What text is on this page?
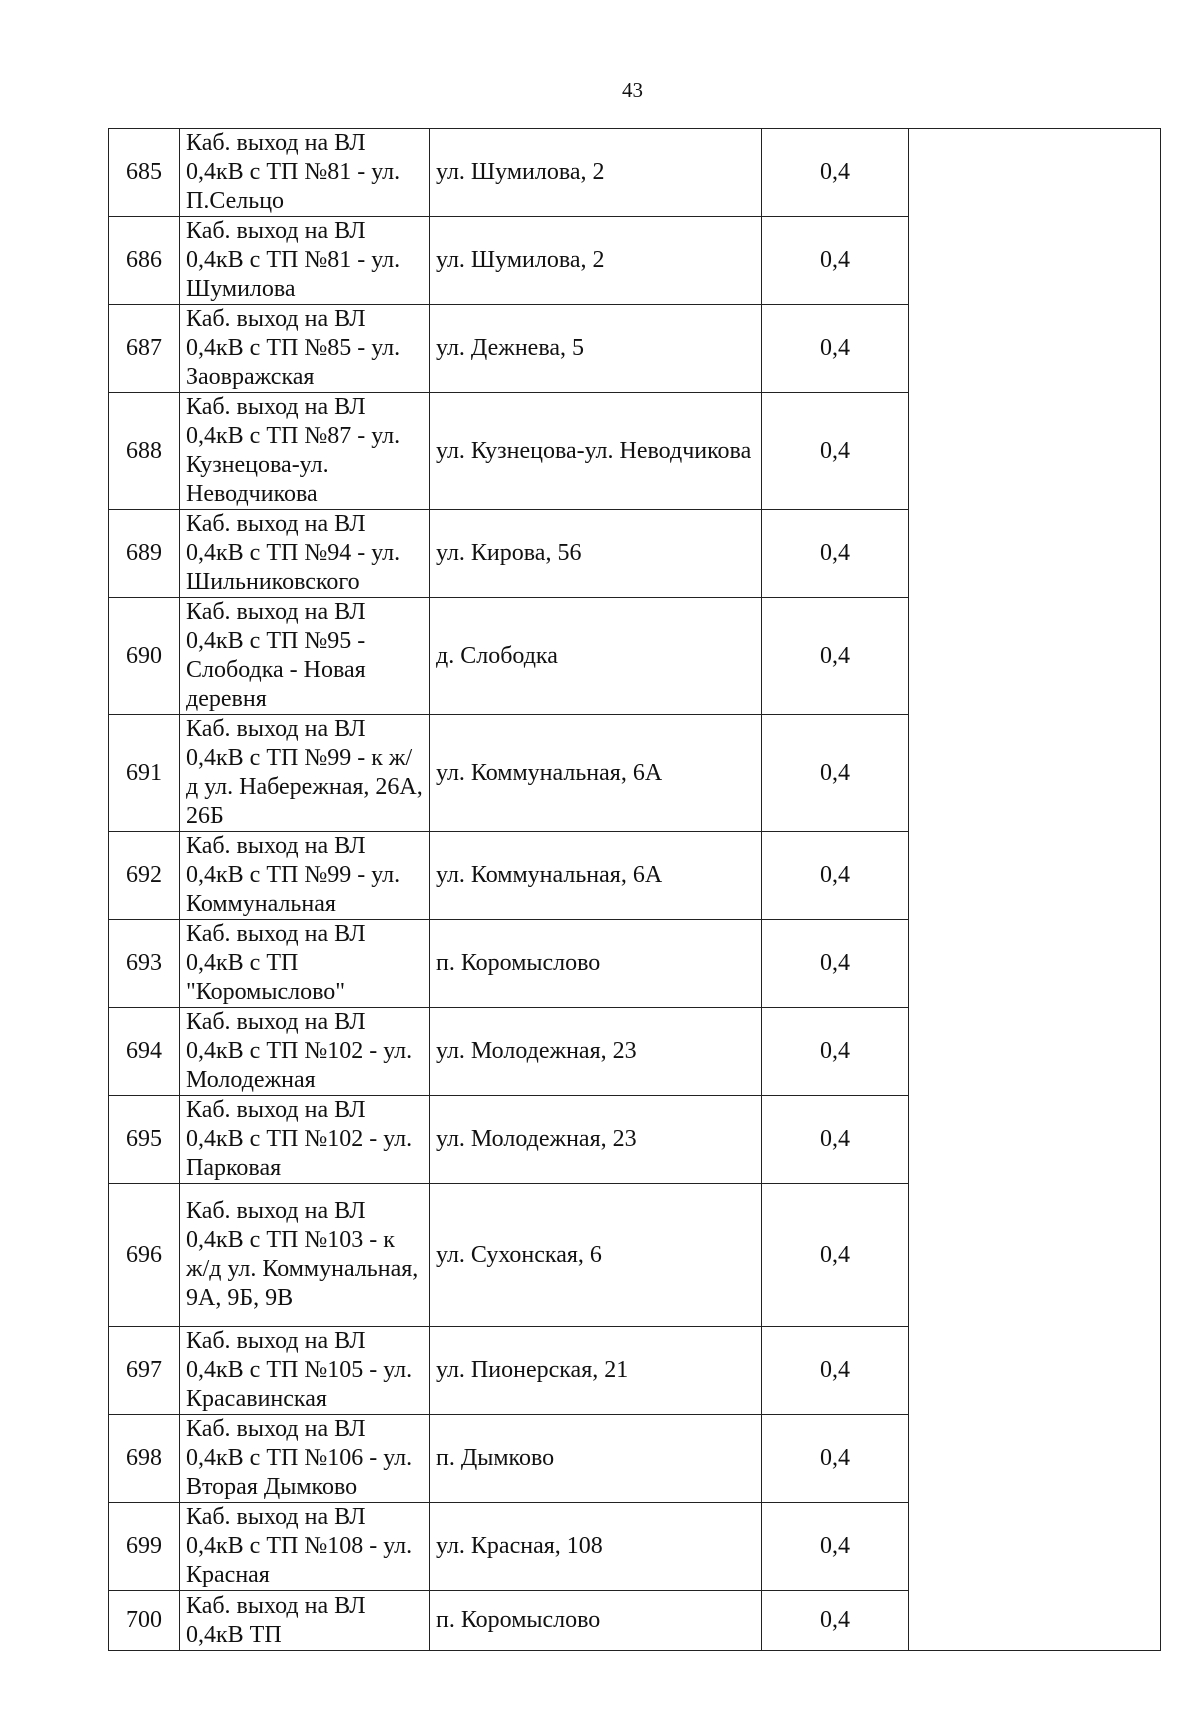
43
685	Каб. выход на ВЛ 0,4кВ с ТП №81 - ул. П.Сельцо	ул. Шумилова, 2	0,4	
686	Каб. выход на ВЛ 0,4кВ с ТП №81 - ул. Шумилова	ул. Шумилова, 2	0,4	
687	Каб. выход на ВЛ 0,4кВ с ТП №85 - ул. Заовражская	ул. Дежнева, 5	0,4	
688	Каб. выход на ВЛ 0,4кВ с ТП №87 - ул. Кузнецова-ул. Неводчикова	ул. Кузнецова-ул. Неводчикова	0,4	
689	Каб. выход на ВЛ 0,4кВ с ТП №94 - ул. Шильниковского	ул. Кирова, 56	0,4	
690	Каб. выход на ВЛ 0,4кВ с ТП №95 - Слободка - Новая деревня	д. Слободка	0,4	
691	Каб. выход на ВЛ 0,4кВ с ТП №99 - к ж/д ул. Набережная, 26А, 26Б	ул. Коммунальная, 6А	0,4	
692	Каб. выход на ВЛ 0,4кВ с ТП №99 - ул. Коммунальная	ул. Коммунальная, 6А	0,4	
693	Каб. выход на ВЛ 0,4кВ с ТП "Коромыслово"	п. Коромыслово	0,4	
694	Каб. выход на ВЛ 0,4кВ с ТП №102 - ул. Молодежная	ул. Молодежная, 23	0,4	
695	Каб. выход на ВЛ 0,4кВ с ТП №102 - ул. Парковая	ул. Молодежная, 23	0,4	
696	Каб. выход на ВЛ 0,4кВ с ТП №103 - к ж/д ул. Коммунальная, 9А, 9Б, 9В	ул. Сухонская, 6	0,4	
697	Каб. выход на ВЛ 0,4кВ с ТП №105 - ул. Красавинская	ул. Пионерская, 21	0,4	
698	Каб. выход на ВЛ 0,4кВ с ТП №106 - ул. Вторая Дымково	п. Дымково	0,4	
699	Каб. выход на ВЛ 0,4кВ с ТП №108 - ул. Красная	ул. Красная, 108	0,4	
700	Каб. выход на ВЛ 0,4кВ ТП	п. Коромыслово	0,4	
